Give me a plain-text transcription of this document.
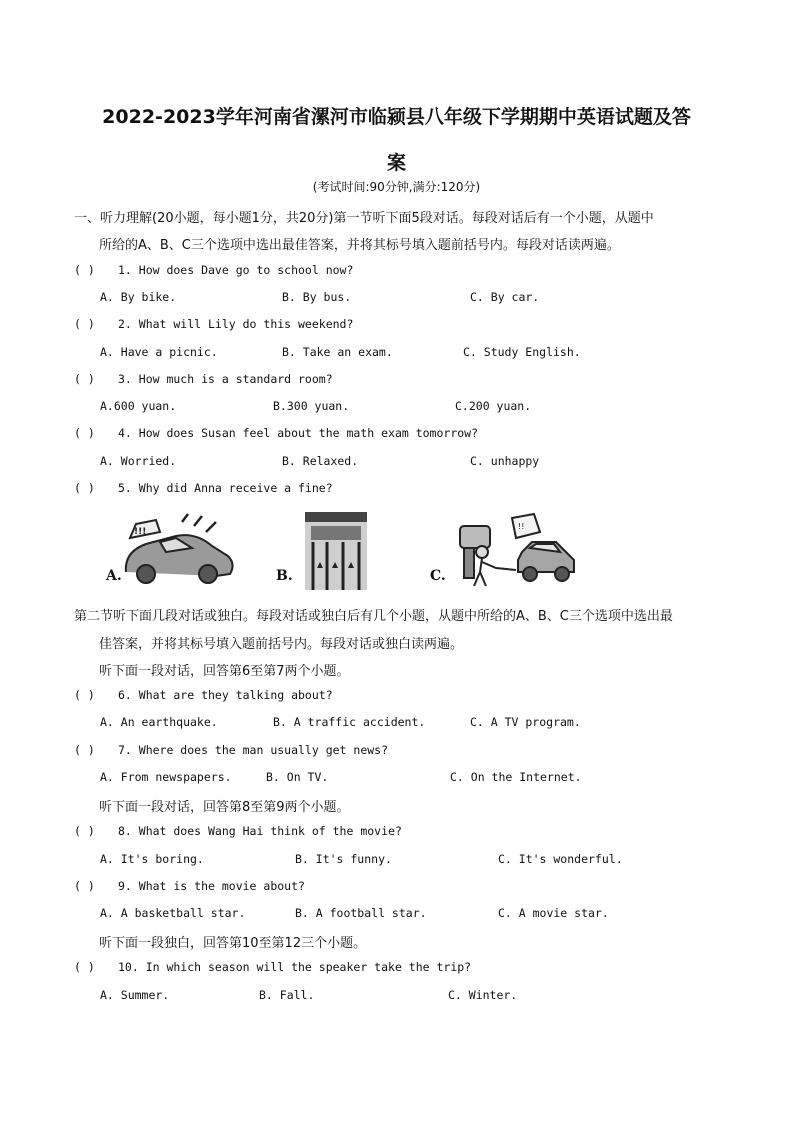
2022-2023学年河南省漯河市临颍县八年级下学期期中英语试题及答
案
(考试时间:90分钟,满分:120分)
一、听力理解(20小题，每小题1分，共20分)第一节听下面5段对话。每段对话后有一个小题，从题中
所给的A、B、C三个选项中选出最佳答案，并将其标号填入题前括号内。每段对话读两遍。
( ) 1. How does Dave go to school now?
A. By bike.	B. By bus.	C. By car.
( ) 2. What will Lily do this weekend?
A. Have a picnic.	B. Take an exam.	C. Study English.
( ) 3. How much is a standard room?
A.600 yuan.	B.300 yuan.	C.200 yuan.
( ) 4. How does Susan feel about the math exam tomorrow?
A. Worried.	B. Relaxed.	C. unhappy
( ) 5. Why did Anna receive a fine?
A.
!!!
B.	C.
!!
第二节听下面几段对话或独白。每段对话或独白后有几个小题，从题中所给的A、B、C三个选项中选出最
佳答案，并将其标号填入题前括号内。每段对话或独白读两遍。
听下面一段对话，回答第6至第7两个小题。
( ) 6. What are they talking about?
A. An earthquake.	B. A traffic accident.	C. A TV program.
( ) 7. Where does the man usually get news?
A. From newspapers.	B. On TV.	C. On the Internet.
听下面一段对话，回答第8至第9两个小题。
( ) 8. What does Wang Hai think of the movie?
A. It's boring.	B. It's funny.	C. It's wonderful.
( ) 9. What is the movie about?
A. A basketball star.	B. A football star.	C. A movie star.
听下面一段独白，回答第10至第12三个小题。
( ) 10. In which season will the speaker take the trip?
A. Summer.	B. Fall.	C. Winter.
